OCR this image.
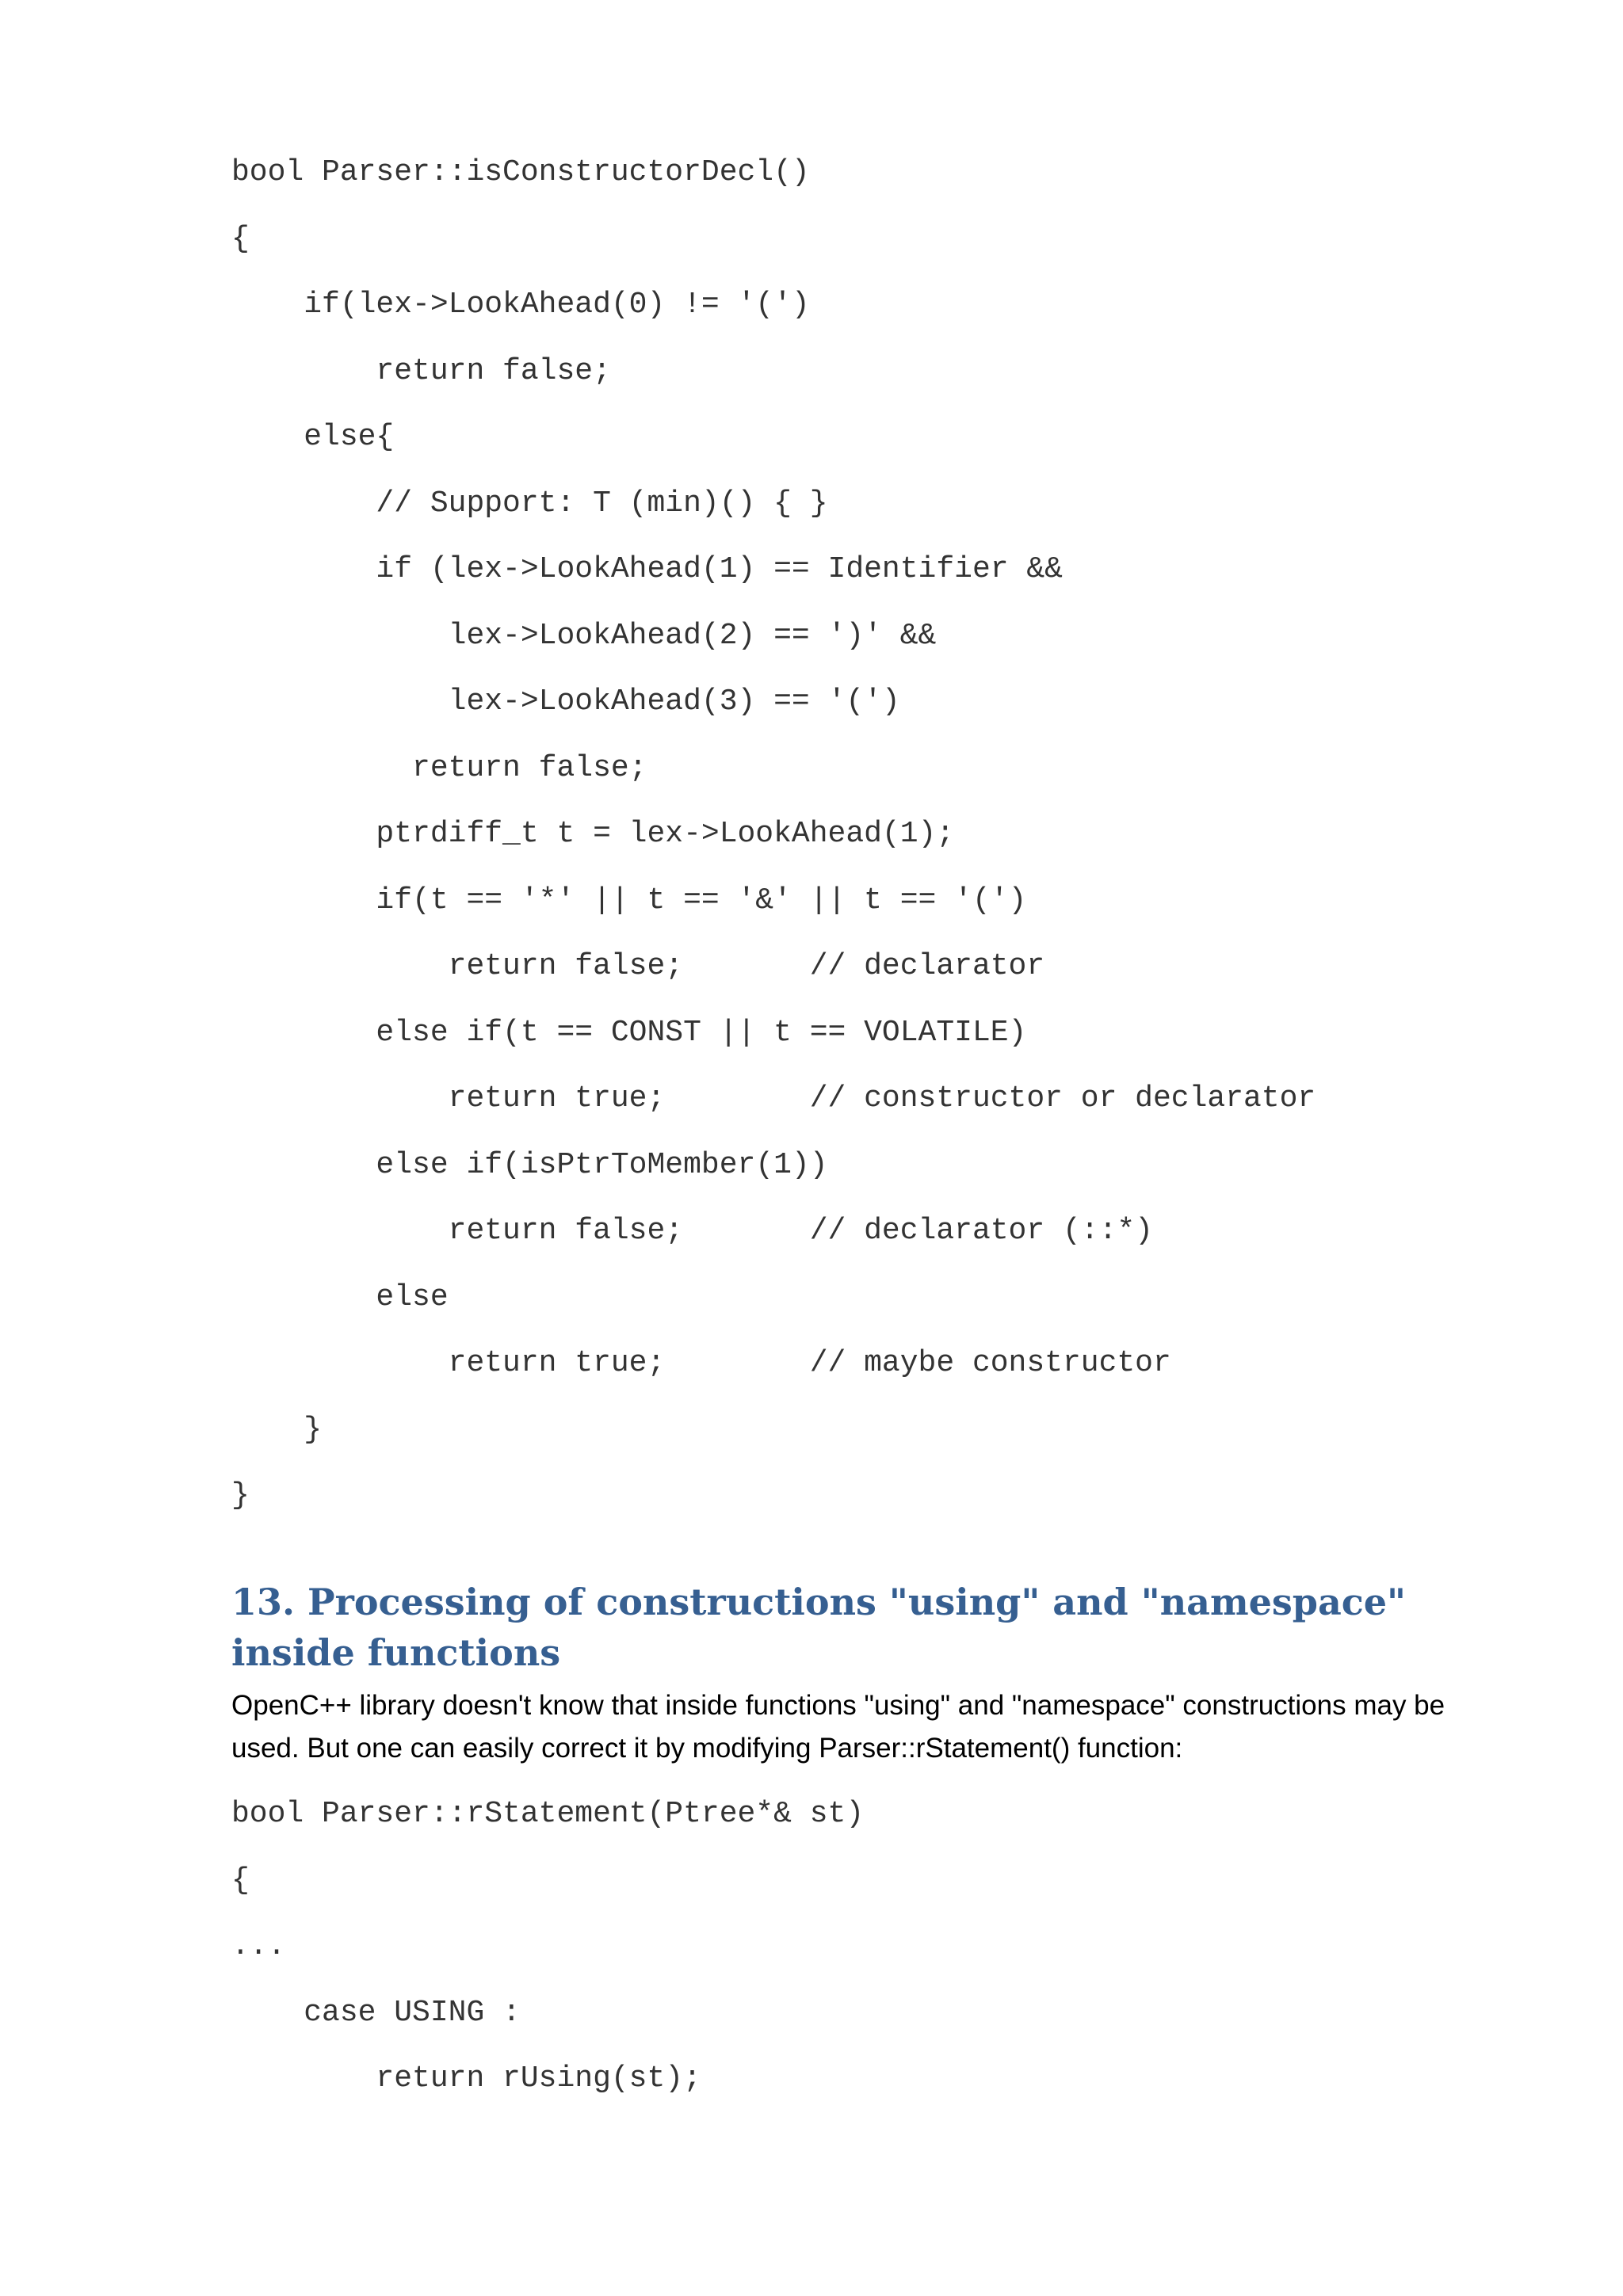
bool Parser::isConstructorDecl()
{
if(lex->LookAhead(0) != '(')
return false;
else{
// Support: T (min)() { }
if (lex->LookAhead(1) == Identifier &&
lex->LookAhead(2) == ')' &&
lex->LookAhead(3) == '(')
return false;
ptrdiff_t t = lex->LookAhead(1);
if(t == '*' || t == '&' || t == '(')
return false;       // declarator
else if(t == CONST || t == VOLATILE)
return true;        // constructor or declarator
else if(isPtrToMember(1))
return false;       // declarator (::*)
else
return true;        // maybe constructor
}
}
13. Processing of constructions "using" and "namespace" inside functions

OpenC++ library doesn't know that inside functions "using" and "namespace" constructions may be used. But one can easily correct it by modifying Parser::rStatement() function:

bool Parser::rStatement(Ptree*& st)
{
...
case USING :
return rUsing(st);
